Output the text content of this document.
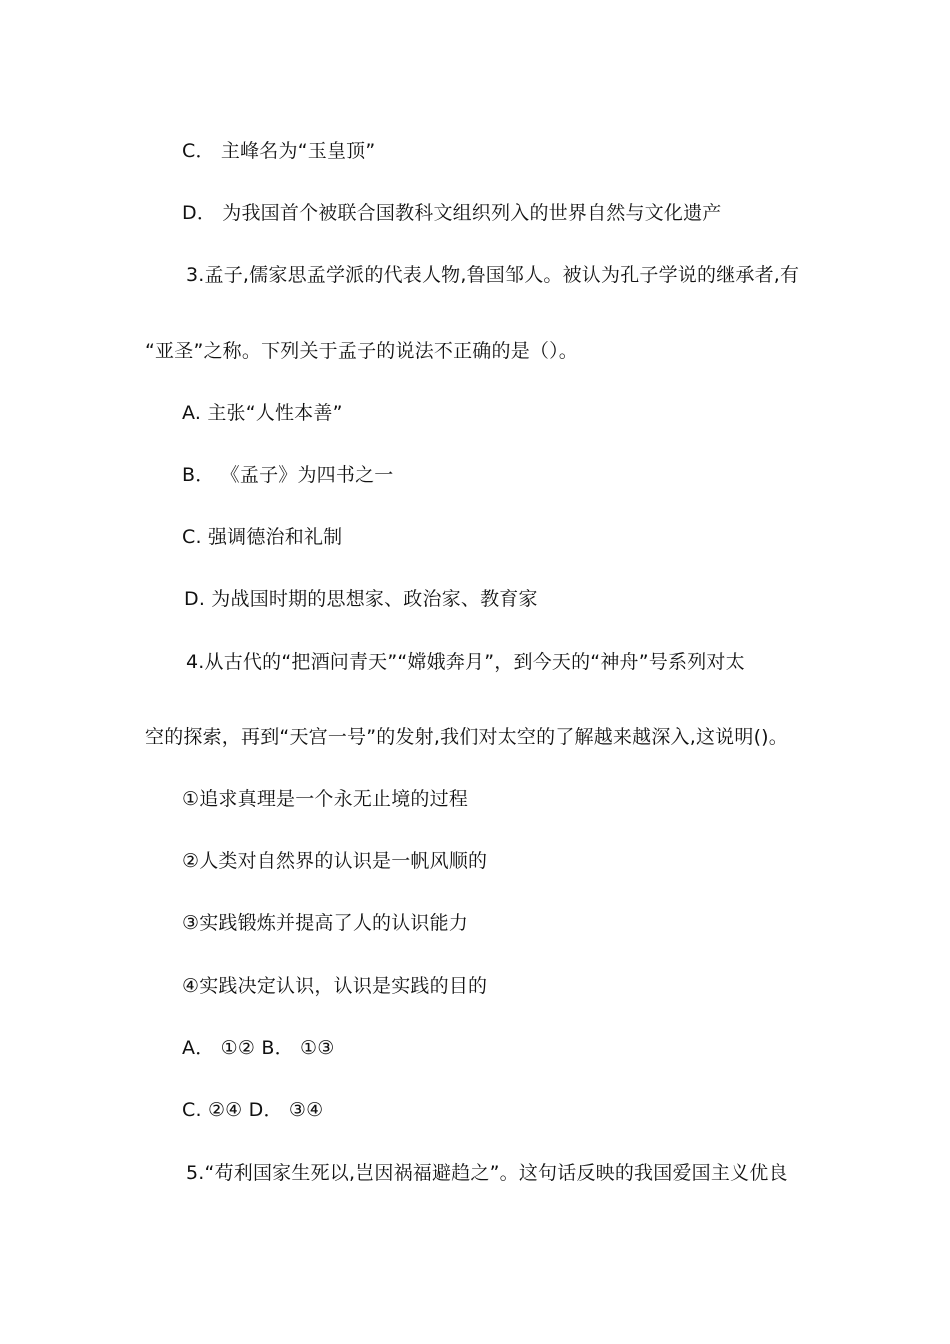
C． 主峰名为“玉皇顶”
D． 为我国首个被联合国教科文组织列入的世界自然与文化遗产
3.孟子,儒家思孟学派的代表人物,鲁国邹人。被认为孔子学说的继承者,有
“亚圣”之称。下列关于孟子的说法不正确的是（）。
A. 主张“人性本善”
B． 《孟子》为四书之一
C. 强调德治和礼制
D. 为战国时期的思想家、政治家、教育家
4.从古代的“把酒问青天”“嫦娥奔月”，到今天的“神舟”号系列对太
空的探索，再到“天宫一号”的发射,我们对太空的了解越来越深入,这说明()。
①追求真理是一个永无止境的过程
②人类对自然界的认识是一帆风顺的
③实践锻炼并提高了人的认识能力
④实践决定认识，认识是实践的目的
A． ①② B． ①③
C. ②④ D． ③④
5.“苟利国家生死以,岂因祸福避趋之”。这句话反映的我国爱国主义优良
